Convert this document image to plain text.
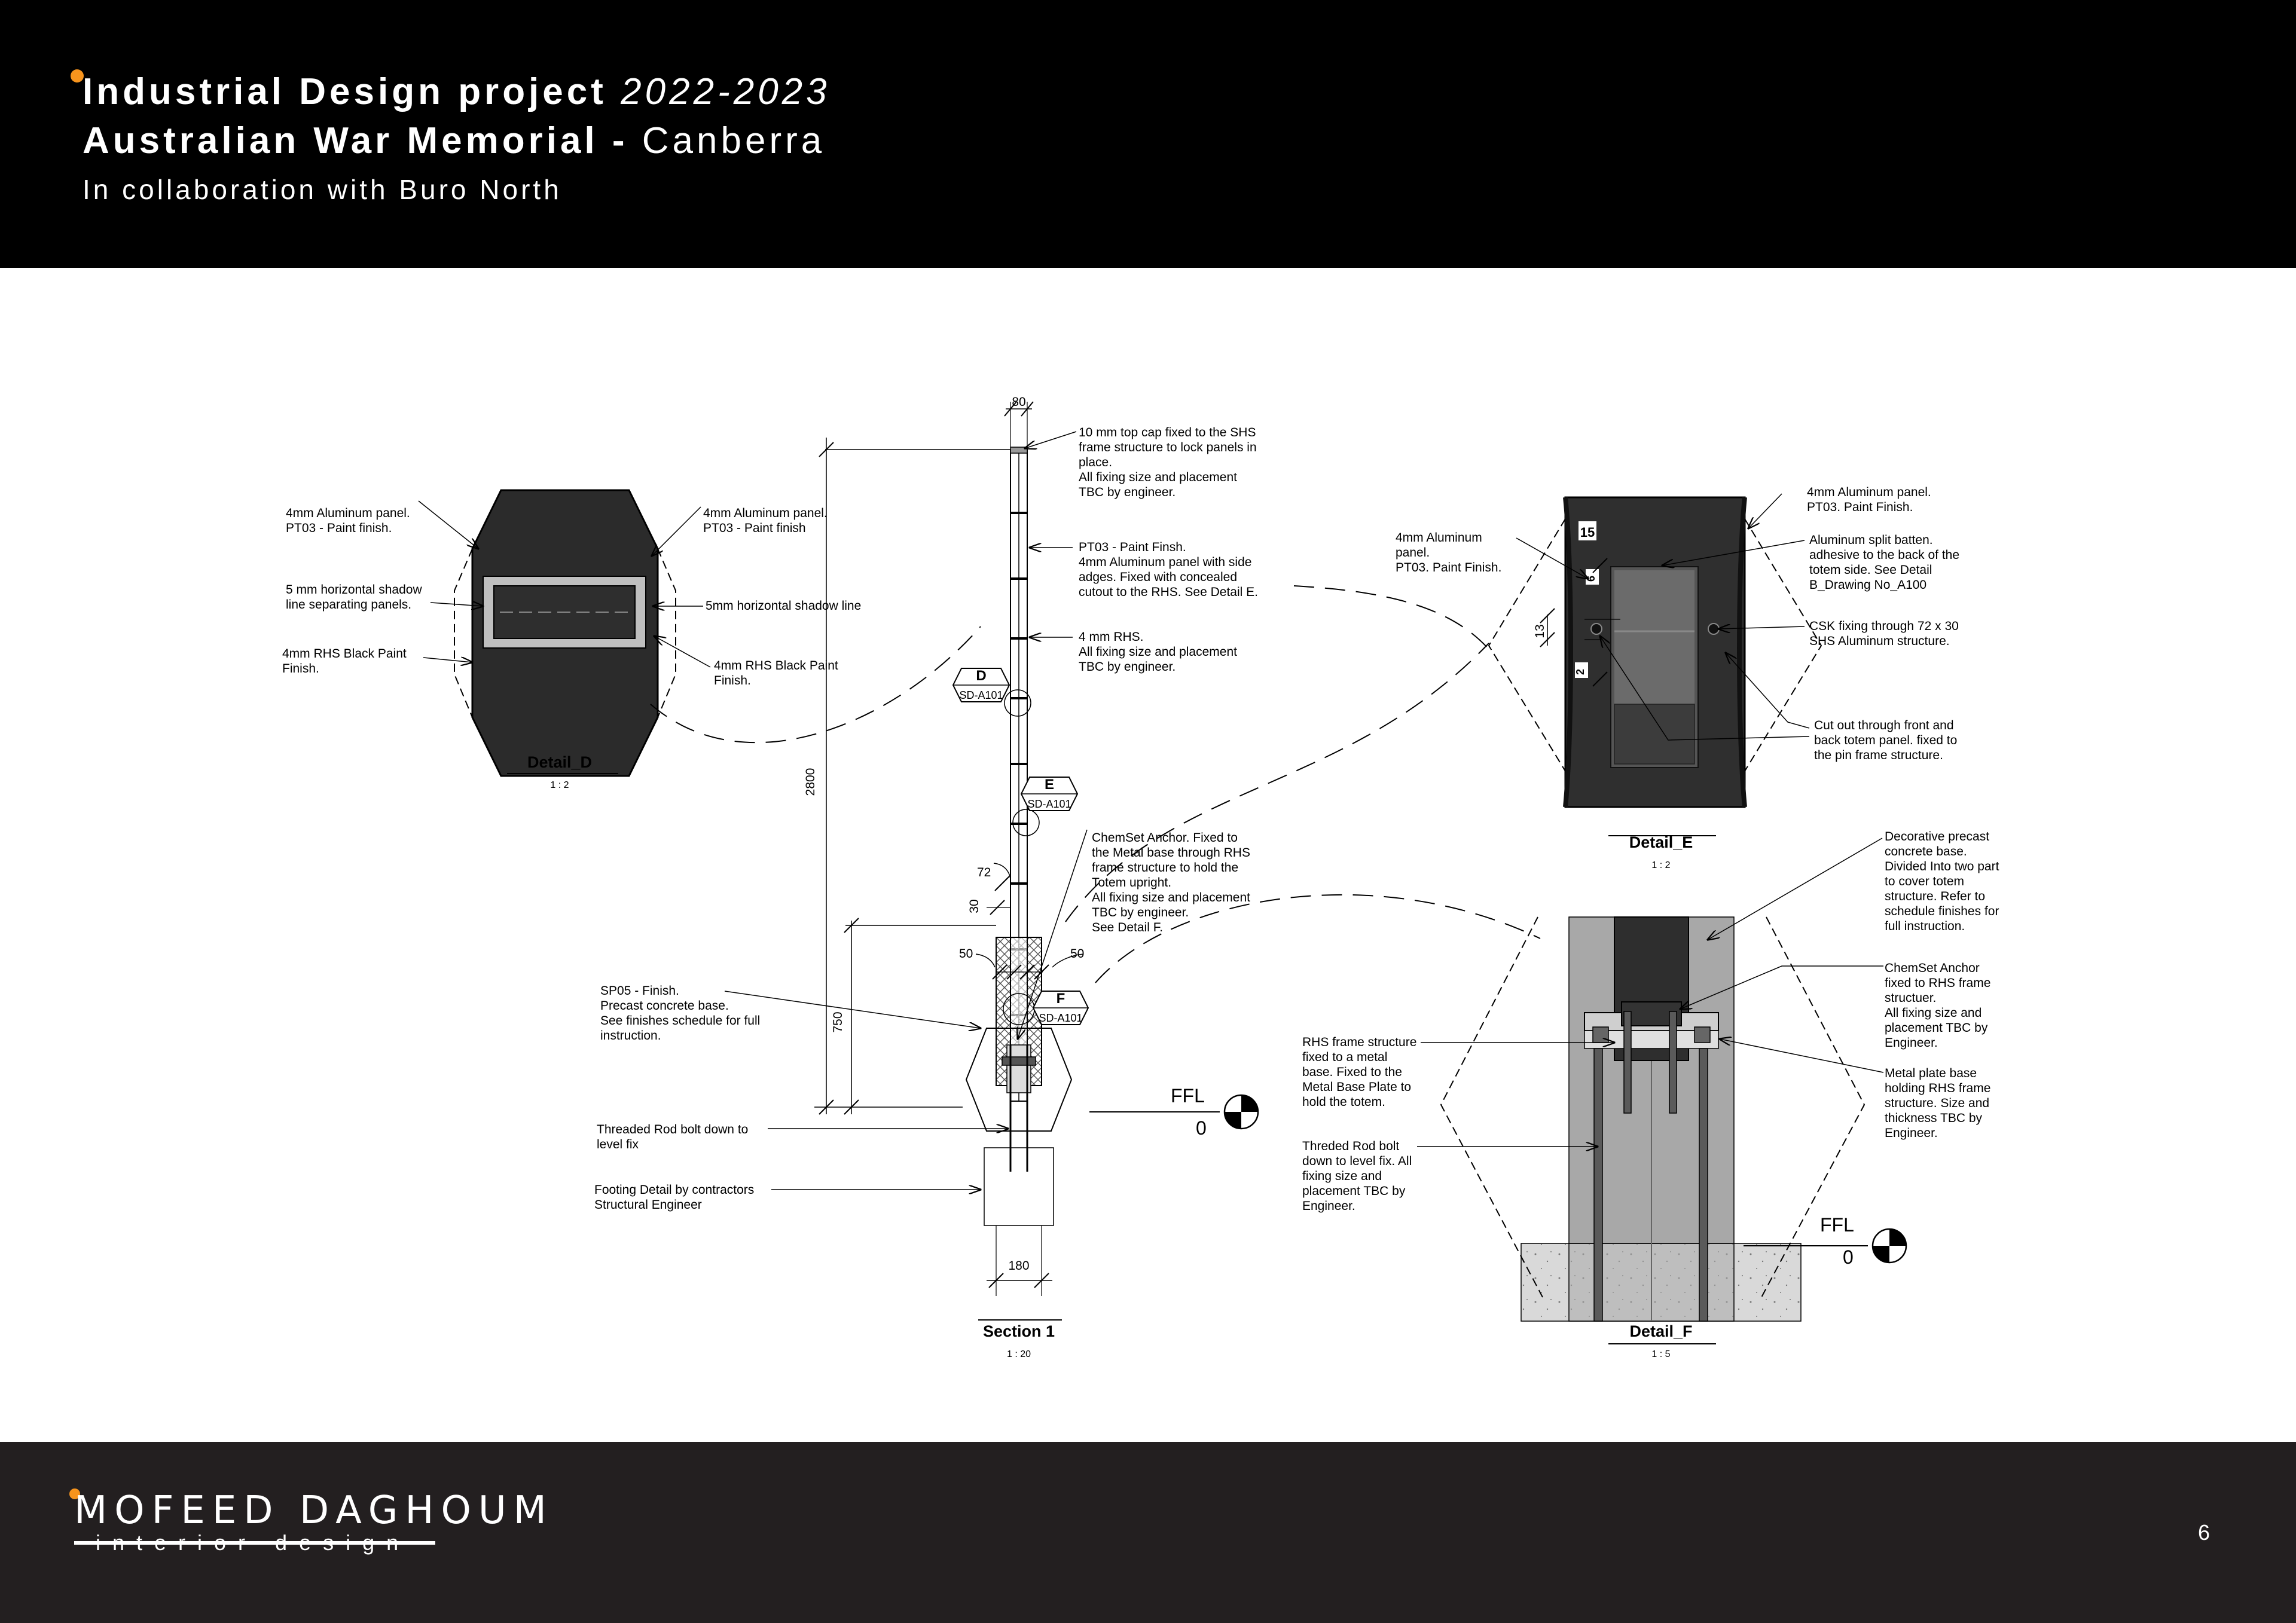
Industrial Design project 2022-2023
Australian War Memorial - Canberra
In collaboration with Buro North
4mm Aluminum panel. PT03 - Paint finish.
5 mm horizontal shadow line separating panels.
4mm RHS Black Paint Finish.
4mm Aluminum panel. PT03 - Paint finish
5mm horizontal shadow line
4mm RHS Black Paint Finish.
Detail_D
1 : 2
80
2800
750
72
30
50	50
180
D
SD-A101
E
SD-A101
F
SD-A101
FFL
0
10 mm top cap fixed to the SHS frame structure to lock panels in place. All fixing size and placement TBC by engineer.
PT03 - Paint Finsh. 4mm Aluminum panel with side adges. Fixed with concealed cutout to the RHS. See Detail E.
4 mm RHS. All fixing size and placement TBC by engineer.
ChemSet Anchor. Fixed to the Metal base through RHS frame structure to hold the Totem upright. All fixing size and placement TBC by engineer. See Detail F.
SP05 - Finish. Precast concrete base. See finishes schedule for full instruction.
Threaded Rod bolt down to level fix
Footing Detail by contractors Structural Engineer
Section 1
1 : 20
15
6
13
2
4mm Aluminum panel. PT03. Paint Finish.
4mm Aluminum panel. PT03. Paint Finish.
Aluminum split batten. adhesive to the back of the totem side. See Detail B_Drawing No_A100
CSK fixing through 72 x 30 SHS Aluminum structure.
Cut out through front and back totem panel. fixed to the pin frame structure.
Detail_E
1 : 2
FFL
0
Decorative precast concrete base. Divided Into two part to cover totem structure. Refer to schedule finishes for full instruction.
ChemSet Anchor fixed to RHS frame structuer. All fixing size and placement TBC by Engineer.
Metal plate base holding RHS frame structure. Size and thickness TBC by Engineer.
RHS frame structure fixed to a metal base. Fixed to the Metal Base Plate to hold the totem.
Threded Rod bolt down to level fix. All fixing size and placement TBC by Engineer.
Detail_F
1 : 5
MOFEED DAGHOUM
interior design	6
